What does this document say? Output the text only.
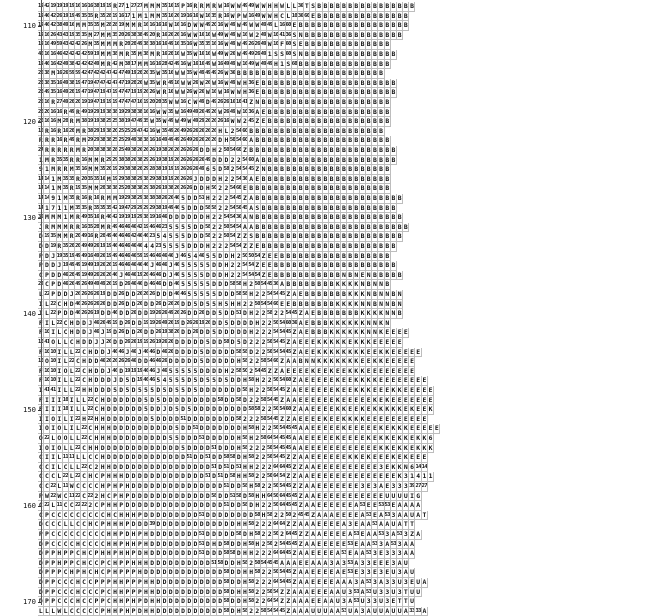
19 42 19 19 19 19 16 16 16 38 19 19 R 27 1 27 27 M M M 35 16 19 P 16 R R M R W 16 W W 49 49 W W H H W L L 36 T S B B B B B B B B B B B B B B B B
19 46 42 26 19 19 49 35 35 R 35 28 19 16 17 1 M 1 M M 35 16 26 19 16 16 W 16 35 R 16 W P W 16 49 W W H C L 10 36 60 E B B B B B B B B B B B B B B B
110 19 46 42 38 49 16 M M 35 35 M 28 28 19 M M R 16 16 16 16 W 16 16 D W W 49 20 16 W 49 W 49 W W 49 49 L 16 60 E B B B B B B B B B B B B B B B B B B
19 16 26 43 43 19 35 35 M 27 M M 35 20 26 38 38 49 20 R 16 26 26 16 W W 16 16 W 49 W 49 W 16 W 2 49 W 10 41 36 S N B B B B B B B B B B B B B B B B
19 16 49 59 43 42 42 26 M 35 M M M R 20 20 49 38 38 16 16 49 16 35 16 W 35 35 16 16 W 49 W 49 26 26 49 W 10 F 60 S E B B B B B B B B B B B B B B
46 16 16 46 42 42 42 42 59 19 M M 38 M R 35 M 38 M R 16 20 16 W 35 W 16 16 W 49 W 26 W 49 49 26 49 1 S S 60 S N B B B B B B B B B B B B B B B
19 46 16 42 49 38 42 42 42 49 M R 42 M 38 17 M M 16 16 28 42 49 16 W 16 16 49 W 16 49 49 W 16 49 W 49 49 H 1 S 60 B B B B B B B B B B B B B B B
26 38 M 16 26 59 59 42 47 42 42 47 42 47 49 19 20 26 35 W 35 16 W W 35 W 49 49 49 26 W 36 B B B B B B B B B B B B B B B B B B B B B B B B
20 38 35 16 49 38 19 47 19 47 47 42 47 47 19 20 26 W 35 W R 49 16 W W 26 W 26 W 16 W 49 W H 36 E B B B B B B B B B B B B B B B B B B B B B B
20 49 35 16 49 20 19 47 19 47 19 47 19 47 47 19 19 26 26 W R 16 W W 26 W 26 W 16 W 16 W W H 36 E B B B B B B B B B B B B B B B B B B B B B B
26 16 R 27 49 20 20 19 19 47 19 19 19 47 47 47 16 19 20 20 35 W W 16 C W 49 D 49 26 26 16 10 41 Z N B B B B B B B B B B B B B B B B B B B B B
20 20 16 16 R 49 R 49 19 29 19 38 38 19 29 38 38 16 16 W W 35 W 16 49 49 26 49 26 W 26 49 W 10 36 A E B B B B B B B B B B B B B B B B B B B B
120 20 16 16 M 20 R M 38 19 19 38 25 25 38 19 47 49 35 W 35 W 49 W 49 W 49 29 26 26 26 16 W W 2 45 Z E B B B B B B B B B B B B B B B B B B B B
16 R 16 R 16 20 M R 38 29 19 38 20 25 25 29 47 42 16 W 35 49 26 49 26 26 26 26 26 H L 2 54 60 B B B B B B B B B B B B B B B B B B B B B B
R R R 16 R 49 R M 29 29 38 38 25 25 29 49 38 38 16 16 49 49 49 26 49 26 26 26 26 D H 50 54 60 A B B B B B B B B B B B B B B B B B B B B B B
27 R R R R R M R 20 38 38 38 28 25 49 38 26 26 26 19 38 26 26 26 26 26 D D H 2 50 54 60 Z B B B B B B B B B B B B B B B B B B B B B B B B
1 M R 35 35 R R 16 M M R 29 29 38 38 26 38 29 26 19 38 19 26 26 26 26 26 49 D D D 2 2 54 60 A B B B B B B B B B B B B B B B B B B B B B B
9 1 M R R M 35 16 M M 35 20 19 29 38 38 20 29 28 38 19 19 19 26 26 26 49 6 5 D 58 2 54 54 45 Z N B B B B B B B B B B B B B B B B B B B B
14 14 1 M 35 35 R 20 35 35 16 M 19 29 38 38 29 38 29 38 19 19 26 26 26 J D D D H 2 2 54 36 A E B B B B B B B B B B B B B B B B B B B B B
14 14 1 M 35 R 19 35 M M 20 38 38 25 20 38 38 29 38 26 19 38 26 26 26 D D H 50 2 2 54 60 E B B B B B B B B B B B B B B B B B B B B B B B
14 14 9 1 M 35 R 16 R 16 R M M 19 29 38 29 38 38 38 26 26 46 5 D D 51 H 2 2 2 54 45 Z A B B B B B B B B B B B B B B B B B B B B B B B B
14 1 7 1 1 M 35 35 R 35 35 35 42 19 47 29 29 29 29 38 19 49 46 5 D D D 58 58 2 2 54 50 45 A S B B B B B B B B B B B B B B B B B B B B B B
130 35 M M M 1 M R 49 35 16 R 46 42 19 19 19 29 38 19 16 46 D D D D D D H 2 2 54 54 36 A N B B B B B B B B B B B B B B B B B B B B B B B B
J R M M M R R 16 35 20 M R 49 46 46 46 42 19 46 46 23 5 5 5 5 D D 58 2 2 50 54 54 A A B B B B B B B B B B B B B B B B B B B B B B B B B
D 19 35 M M R 20 49 16 R 20 49 46 46 46 42 46 46 23 5 4 5 5 5 D D D 58 2 2 50 54 Z Z S B B B B B B B B B B B B B B B B B B B B B B B B
D D 19 R 35 20 20 49 49 26 19 19 46 46 46 46 46 4 4 23 5 5 5 5 D D D H 2 2 2 54 54 Z Z E B B B B B B B B B B B B B B B B B B B B B B
P D J 19 35 19 49 49 16 49 26 19 49 46 46 46 59 19 46 46 46 46 J 46 5 4 46 5 5 D D H 2 50 50 54 Z E E B B B B B B B B B B B B B B B B B B
P D D J 19 49 49 19 49 19 26 26 19 46 46 46 46 46 J 46 46 J 46 5 5 5 5 5 D D H 2 2 54 54 Z E E B B B B B B B B B B B B B B B B B B B B
C P D D 46 20 49 19 49 26 26 26 46 J 46 46 19 26 46 46 D J 46 5 5 5 5 D D D H 2 2 54 54 54 Z E B B B B B B B B B B B N B N E N B B B B B
22 C P D 46 26 49 26 49 49 49 26 19 D 26 46 46 D 46 46 D D 46 5 5 5 5 5 D D D 58 58 H 2 50 54 45 36 A B B B B B B B B K K K K N B N N B
L 22 P D D J 26 26 26 26 19 D D 26 D D 26 26 26 D D D 46 46 5 5 5 5 5 D D D 58 58 H 2 2 54 54 45 Z A E B B B B B B B K K K N B N N B N
I L 22 C H D 46 26 26 26 26 D D 26 D D 26 D D 26 D 26 26 D D 5 D 5 5 H 5 H H 2 2 50 54 54 60 E E B B B B B B B K K K K N N B N N B N
140 I L 22 P D D 46 26 26 19 D D 46 D D 26 D D 19 26 26 49 26 26 D D 26 D D 5 D D 51 D H 2 2 58 2 2 54 45 Z A E B B B B B B B K K K K N N B
F I L 22 C H D D J 46 26 49 19 D 26 D D 19 19 26 49 26 19 D 26 26 19 26 D D 5 D D D D H 2 2 50 54 60 36 A E B B B K K K K K K N N K N
F 10 I L C H D D J 46 J 19 D 26 D D 26 D D 26 19 38 26 D D 26 D D 5 D D D D D H 2 2 2 54 54 45 Z A E B B B K K K K K K N N K E E E E
10 41 O L L C H D D J J 26 D D 26 26 19 19 26 19 26 26 D D D D D 5 D D 58 D 5 D 2 2 2 50 54 45 Z A E E E K K K K K E K K K E E E E E
F 10 10 I L L 22 C H D D J 46 46 J 46 J 46 46 D 46 26 D D D D 5 D D D D D 58 58 D 2 2 50 54 54 45 Z A E E K K K K K K K K E E K K E E E E E
10 O 10 I L 22 C H D D 46 26 26 26 26 46 D D 46 46 26 D D D D D 5 D D D D D H 58 2 2 50 54 60 Z A A B N N K K K K K K K E E K K E E E E E
F 10 10 I O L 22 C H D D J 46 D 19 19 19 46 46 J 46 5 5 5 5 5 D D D D H 2 58 50 2 54 45 Z Z A E E E E K E E K E E K K K E E E E E E E E
F 10 10 I L L 22 C H D D D J D 5 D 19 46 46 5 4 5 5 5 D 5 D 5 5 D 5 D D H 58 H 2 2 50 54 60 Z A E E E E E K E E K K K K E E E E E E E E
I 41 41 I L L 22 H H D D D 5 D 5 D 5 5 5 D 5 D 5 5 D 5 D D D D D D D 58 H 2 2 50 54 45 Z A E E E E E E K E E K K K E E E K K E E E E E
F I I I 10 I L L 22 C H D D D D D D 5 D 5 D D D D D D D D D 58 D D 58 D 2 2 50 54 45 Z A A E E E E E E K E E E E E K E K E E E E E E E
150 F I I I 10 I L L 22 C H D D D D D D 5 D D J D 5 D 5 D D D D D D D D D 58 58 2 2 50 54 60 Z A A E E E E K K E E K E K K K K K E K E E K
I I O I L I 22 H 22 H H D D D D D D D 5 D D D D 51 D D D D D D D D 58 2 2 2 50 54 45 Z Z A E E E E K E E K K K K E E E E E E E E E E
I O I O L I L 22 C H H H D D D D D D D D D D 5 D D 51 D D D D D D D H 58 H 2 2 50 54 45 45 A A E E E E E K E E E E E K E K K K E E E E E
O 22 L O O L L 22 C H H H D D D D D D D D D 5 5 D D D 51 D D D D D H 58 H 2 50 64 54 45 45 A A E E E E E K E E E E K E K K E K K E K K 6
I O I O L L 22 C H H D D D D D D D D D D D D D 5 D D D D 51 D D D H 58 2 2 2 50 54 45 45 A A E E E E E E E E E E E E K K E K K E K K K
C I I L 11 11 L L C C H D D D D D D D D D D D D D 51 D D 51 D D 58 58 D H 58 2 2 50 54 45 Z Z A A E E E E E E K K E K E E E K E K E E E
C C I L C L L 22 C 2 H H D D D D D D D D D D D D D D D D 51 D 51 D 51 H H 2 2 2 64 64 45 Z Z A A E E E E E E E E E E 3 E K K N 6 14 14
C C C L 22 L 22 C H C P H H H D D D D D D D D D D D D D 51 D 51 D 58 H H 58 2 2 50 64 54 Z Z A A E E E E E E E E E E E E E E K 3 1 4 1 1
C C 22 L 11 W C C C C H P H P H D D D D D D D D D D D D D D D 51 D D 58 H 58 2 2 50 54 45 Z Z A A E E E E E E E 3 E 3 A E 3 3 3 39 27 27
P W 22 W C 11 22 C 22 2 H C P H P D D D D D D D D D D D D D 58 D D 51 58 D 58 H H 64 50 64 45 45 Z A A E E E E E E E E E E E U U U U I G
160 C 22 L 11 C C 22 22 2 C P H H P D D D D D D D D D D D D D D D D 51 D D 58 D H 2 2 50 64 45 45 Z A A E E E E E E A 53 E E 53 53 E A A A A
C P C C C C C C C C C H C H H H P D D D D D D D D D 51 D D D D D D D D 58 H 58 2 2 50 2 45 45 Z A A A E E E E A 53 E A 53 3 A A U A T
D C C C L L C C H C P H H H P D D D 39 D D D D D D D D D D D D D H H 58 2 2 2 64 64 Z Z A A A E E E E A 3 E A A 53 A A U A T T
P P C C C C C C C C C H H P D H P H D D D D D D D D 51 D D D D D 58 D H 58 2 2 50 2 64 45 Z Z A A E E E E A 53 E A A 53 3 A 53 3 Z A
D P C C C C H C C C C H H P H H P H D D D D D D D D 51 D H D 58 D D H 58 H 2 50 2 54 45 45 Z A A E E E E E 53 E A A 53 3 A 53 3 A A
D P P H P P C H C P H H P H H P D H D D D D D D D D 51 D D D 58 58 D H H 2 2 2 64 64 45 Z A A E E E E A 53 E A A 53 3 E 3 3 3 A A
D P P H P P C H C C P C H P P H H H D D D D D D D D D D 51 58 D D H 58 2 50 54 45 45 A A A E E A A A 3 A 3 53 A 3 3 E E E 3 A U
D P P P C H P H C H C P H P P P H D D D D D D D D D D D D D 58 D D H H 58 2 2 50 54 45 Z A A E E E E A E 53 E 3 3 E 3 E U 3 A U
D P P C C C H C C P P P H H P P P H H D D D D D D D D D D D 58 D D H 58 2 2 2 64 54 45 Z A A E E E E A A A 3 A 53 3 A 3 3 U 3 E U A
D P P C C C H C C C P C H H P P P H H D D D D D D D D D D D 58 D H H 58 2 2 50 54 Z Z A A A E E E A A U 3 53 A 53 U 3 3 U 3 T U U
170 D P P C C C H C C P P C H H P H P D H H D D D D D D D D D D 58 D D H 58 2 2 64 54 Z Z A A A E E A A U 3 A 53 U 3 3 U 3 E T T U
L L L W L C C C C C P H H P H P D H H D D D D D D D D D D D 58 D H 58 2 2 50 54 54 45 Z A A A U U U A A 53 U A 3 A U U A U U A 33 33 A
